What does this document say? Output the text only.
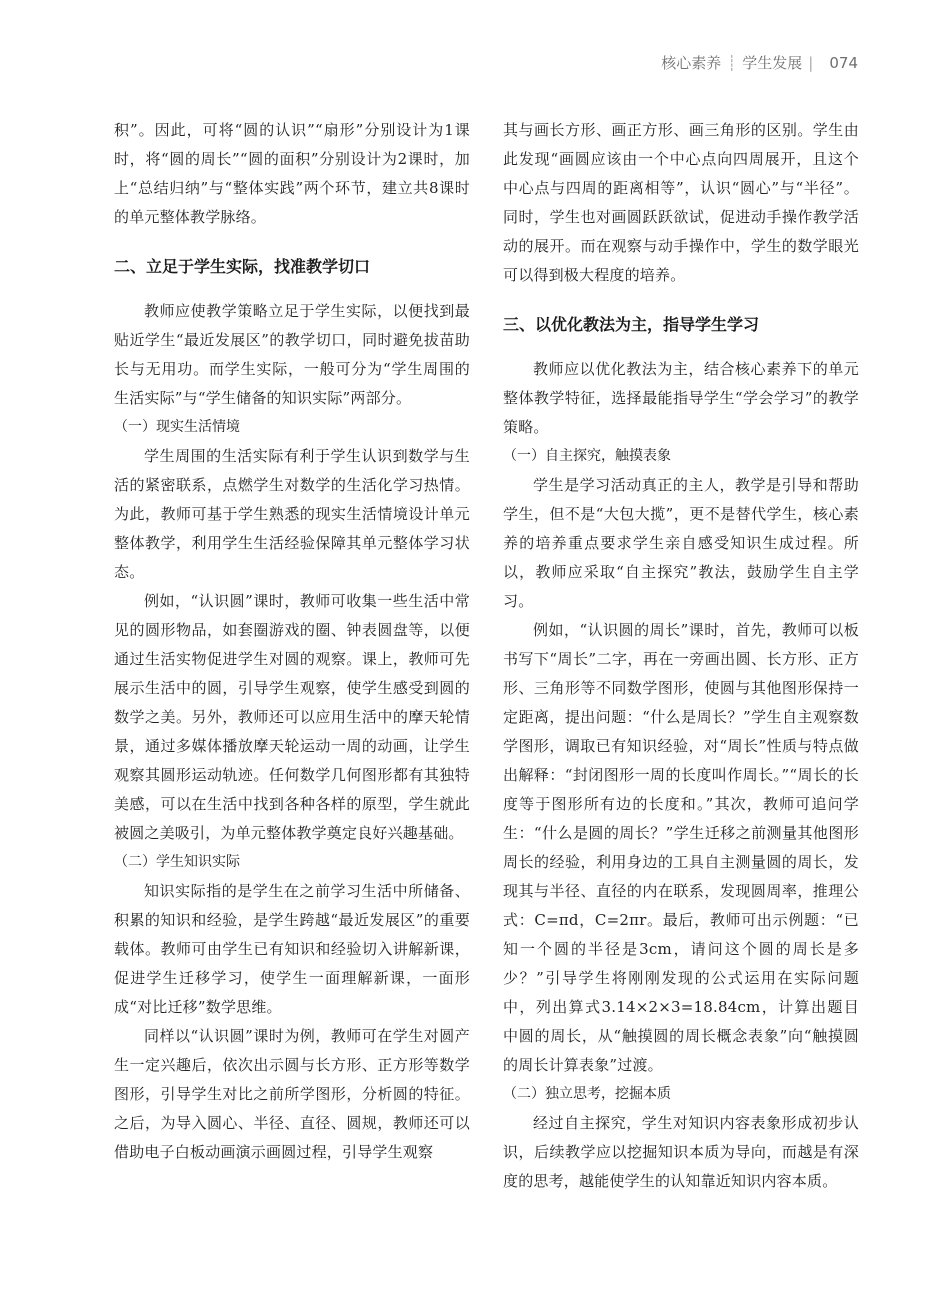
核心素养 ┊ 学生发展 | 074

积”。因此，可将“圆的认识”“扇形”分别设计为1课时，将“圆的周长”“圆的面积”分别设计为2课时，加上“总结归纳”与“整体实践”两个环节，建立共8课时的单元整体教学脉络。

二、立足于学生实际，找准教学切口

教师应使教学策略立足于学生实际，以便找到最贴近学生“最近发展区”的教学切口，同时避免拔苗助长与无用功。而学生实际，一般可分为“学生周围的生活实际”与“学生储备的知识实际”两部分。

（一）现实生活情境

学生周围的生活实际有利于学生认识到数学与生活的紧密联系，点燃学生对数学的生活化学习热情。为此，教师可基于学生熟悉的现实生活情境设计单元整体教学，利用学生生活经验保障其单元整体学习状态。

例如，“认识圆”课时，教师可收集一些生活中常见的圆形物品，如套圈游戏的圈、钟表圆盘等，以便通过生活实物促进学生对圆的观察。课上，教师可先展示生活中的圆，引导学生观察，使学生感受到圆的数学之美。另外，教师还可以应用生活中的摩天轮情景，通过多媒体播放摩天轮运动一周的动画，让学生观察其圆形运动轨迹。任何数学几何图形都有其独特美感，可以在生活中找到各种各样的原型，学生就此被圆之美吸引，为单元整体教学奠定良好兴趣基础。

（二）学生知识实际

知识实际指的是学生在之前学习生活中所储备、积累的知识和经验，是学生跨越“最近发展区”的重要载体。教师可由学生已有知识和经验切入讲解新课，促进学生迁移学习，使学生一面理解新课，一面形成“对比迁移”数学思维。

同样以“认识圆”课时为例，教师可在学生对圆产生一定兴趣后，依次出示圆与长方形、正方形等数学图形，引导学生对比之前所学图形，分析圆的特征。之后，为导入圆心、半径、直径、圆规，教师还可以借助电子白板动画演示画圆过程，引导学生观察

其与画长方形、画正方形、画三角形的区别。学生由此发现“画圆应该由一个中心点向四周展开，且这个中心点与四周的距离相等”，认识“圆心”与“半径”。同时，学生也对画圆跃跃欲试，促进动手操作教学活动的展开。而在观察与动手操作中，学生的数学眼光可以得到极大程度的培养。

三、以优化教法为主，指导学生学习

教师应以优化教法为主，结合核心素养下的单元整体教学特征，选择最能指导学生“学会学习”的教学策略。

（一）自主探究，触摸表象

学生是学习活动真正的主人，教学是引导和帮助学生，但不是“大包大揽”，更不是替代学生，核心素养的培养重点要求学生亲自感受知识生成过程。所以，教师应采取“自主探究”教法，鼓励学生自主学习。

例如，“认识圆的周长”课时，首先，教师可以板书写下“周长”二字，再在一旁画出圆、长方形、正方形、三角形等不同数学图形，使圆与其他图形保持一定距离，提出问题：“什么是周长？”学生自主观察数学图形，调取已有知识经验，对“周长”性质与特点做出解释：“封闭图形一周的长度叫作周长。”“周长的长度等于图形所有边的长度和。”其次，教师可追问学生：“什么是圆的周长？”学生迁移之前测量其他图形周长的经验，利用身边的工具自主测量圆的周长，发现其与半径、直径的内在联系，发现圆周率，推理公式：C=πd，C=2πr。最后，教师可出示例题：“已知一个圆的半径是3cm，请问这个圆的周长是多少？”引导学生将刚刚发现的公式运用在实际问题中，列出算式3.14×2×3=18.84cm，计算出题目中圆的周长，从“触摸圆的周长概念表象”向“触摸圆的周长计算表象”过渡。

（二）独立思考，挖掘本质

经过自主探究，学生对知识内容表象形成初步认识，后续教学应以挖掘知识本质为导向，而越是有深度的思考，越能使学生的认知靠近知识内容本质。
